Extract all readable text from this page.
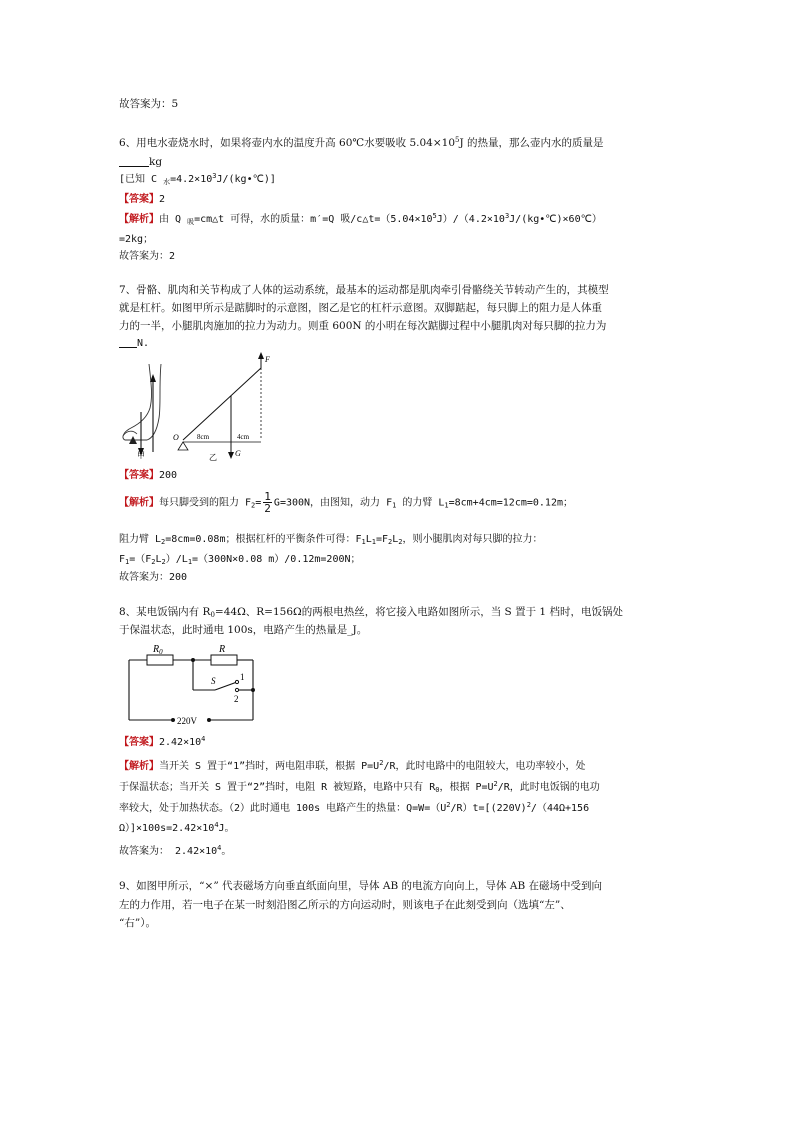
故答案为：5
6、用电水壶烧水时，如果将壶内水的温度升高 60℃水要吸收 $5.04\times 10^5J$ 的热量，那么壶内水的质量是
kg
[已知 C $_水=4.2\times 10^3J/(kg•℃)$]
【答案】2
【解析】由 Q $_吸$=cm△t 可得，水的质量：m′=Q 吸$/c\triangle t=(5.04\times 10^5J)/(4.2\times 10^3J/(kg•℃)\times 60℃)$
=2kg；
故答案为：2
7、骨骼、肌肉和关节构成了人体的运动系统，最基本的运动都是肌肉牵引骨骼绕关节转动产生的，其模型
就是杠杆。如图甲所示是踮脚时的示意图，图乙是它的杠杆示意图。双脚踮起，每只脚上的阻力是人体重
力的一半，小腿肌肉施加的拉力为动力。则重 600N 的小明在每次踮脚过程中小腿肌肉对每只脚的拉力为
N.
甲
O
F
G
8cm	4cm
乙
【答案】200
【解析】每只脚受到的阻力 $F_2= \frac{1}{2} G=300N$，由图知，动力 $F_1$ 的力臂 $L_1=8cm+4cm=12cm=0.12m$；
阻力臂 $L_2=8cm=0.08m$；根据杠杆的平衡条件可得：$F_1L_1=F_2L_2$，则小腿肌肉对每只脚的拉力：
$F_1=(F_2L_2)/L_1=(300N\times 0.08$ m）/0.12m=200N；
故答案为：200
8、某电饭锅内有 $R_0=44\Omega$、R=156Ω的两根电热丝，将它接入电路如图所示，当 S 置于 1 档时，电饭锅处
于保温状态，此时通电 100s，电路产生的热量是_J。
$R_0$	R
S	1
2
220V
【答案】$2.42\times 10^4$
【解析】当开关 S 置于“1”挡时，两电阻串联，根据 $P=U^2/R$，此时电路中的电阻较大，电功率较小，处
于保温状态；当开关 S 置于“2”挡时，电阻 R 被短路，电路中只有 $R_0$，根据 $P=U^2/R$，此时电饭锅的电功
率较大，处于加热状态。（2）此时通电 100s 电路产生的热量：$Q=W=(U^2/R)t=[(220V)^2/(44\Omega+156$
$\Omega)]\times 100s=2.42\times 10^4J$。
故答案为： $2.42\times 10^4$。
9、如图甲所示，“×” 代表磁场方向垂直纸面向里，导体 AB 的电流方向向上，导体 AB 在磁场中受到向
左的力作用，若一电子在某一时刻沿图乙所示的方向运动时，则该电子在此刻受到向（选填“左”、
“右”）。
